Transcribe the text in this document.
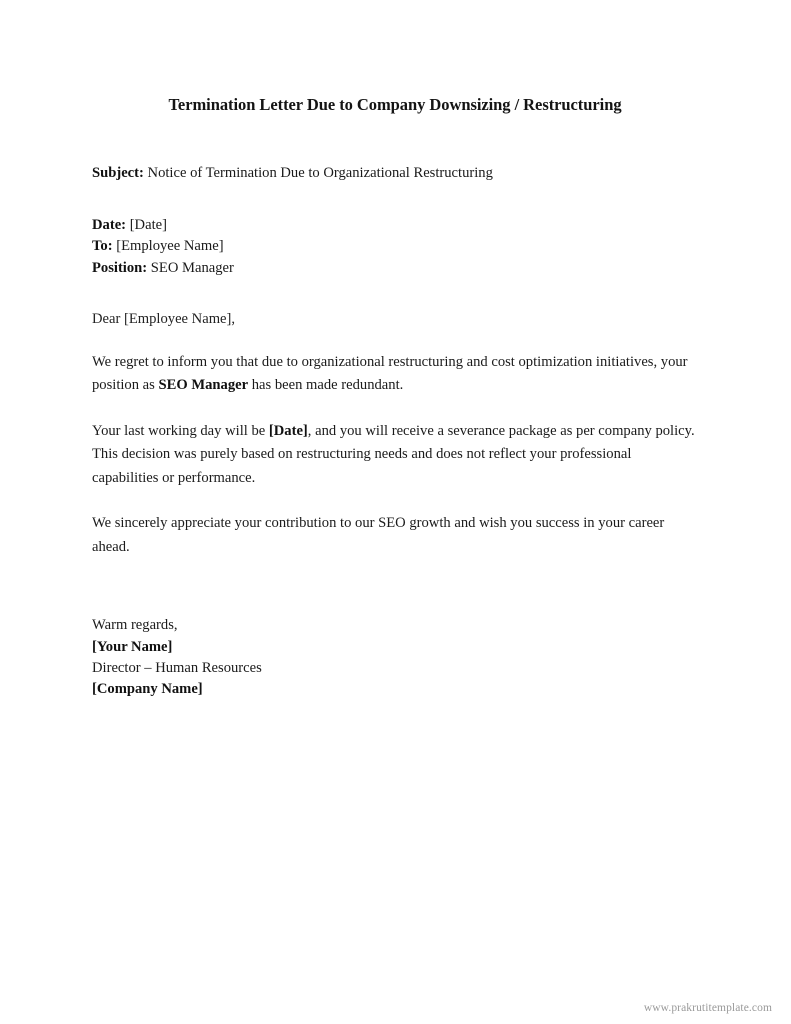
Termination Letter Due to Company Downsizing / Restructuring

Subject: Notice of Termination Due to Organizational Restructuring

Date: [Date]
To: [Employee Name]
Position: SEO Manager

Dear [Employee Name],

We regret to inform you that due to organizational restructuring and cost optimization initiatives, your position as SEO Manager has been made redundant.

Your last working day will be [Date], and you will receive a severance package as per company policy. This decision was purely based on restructuring needs and does not reflect your professional capabilities or performance.

We sincerely appreciate your contribution to our SEO growth and wish you success in your career ahead.

Warm regards,
[Your Name]
Director – Human Resources
[Company Name]
www.prakrutitemplate.com
